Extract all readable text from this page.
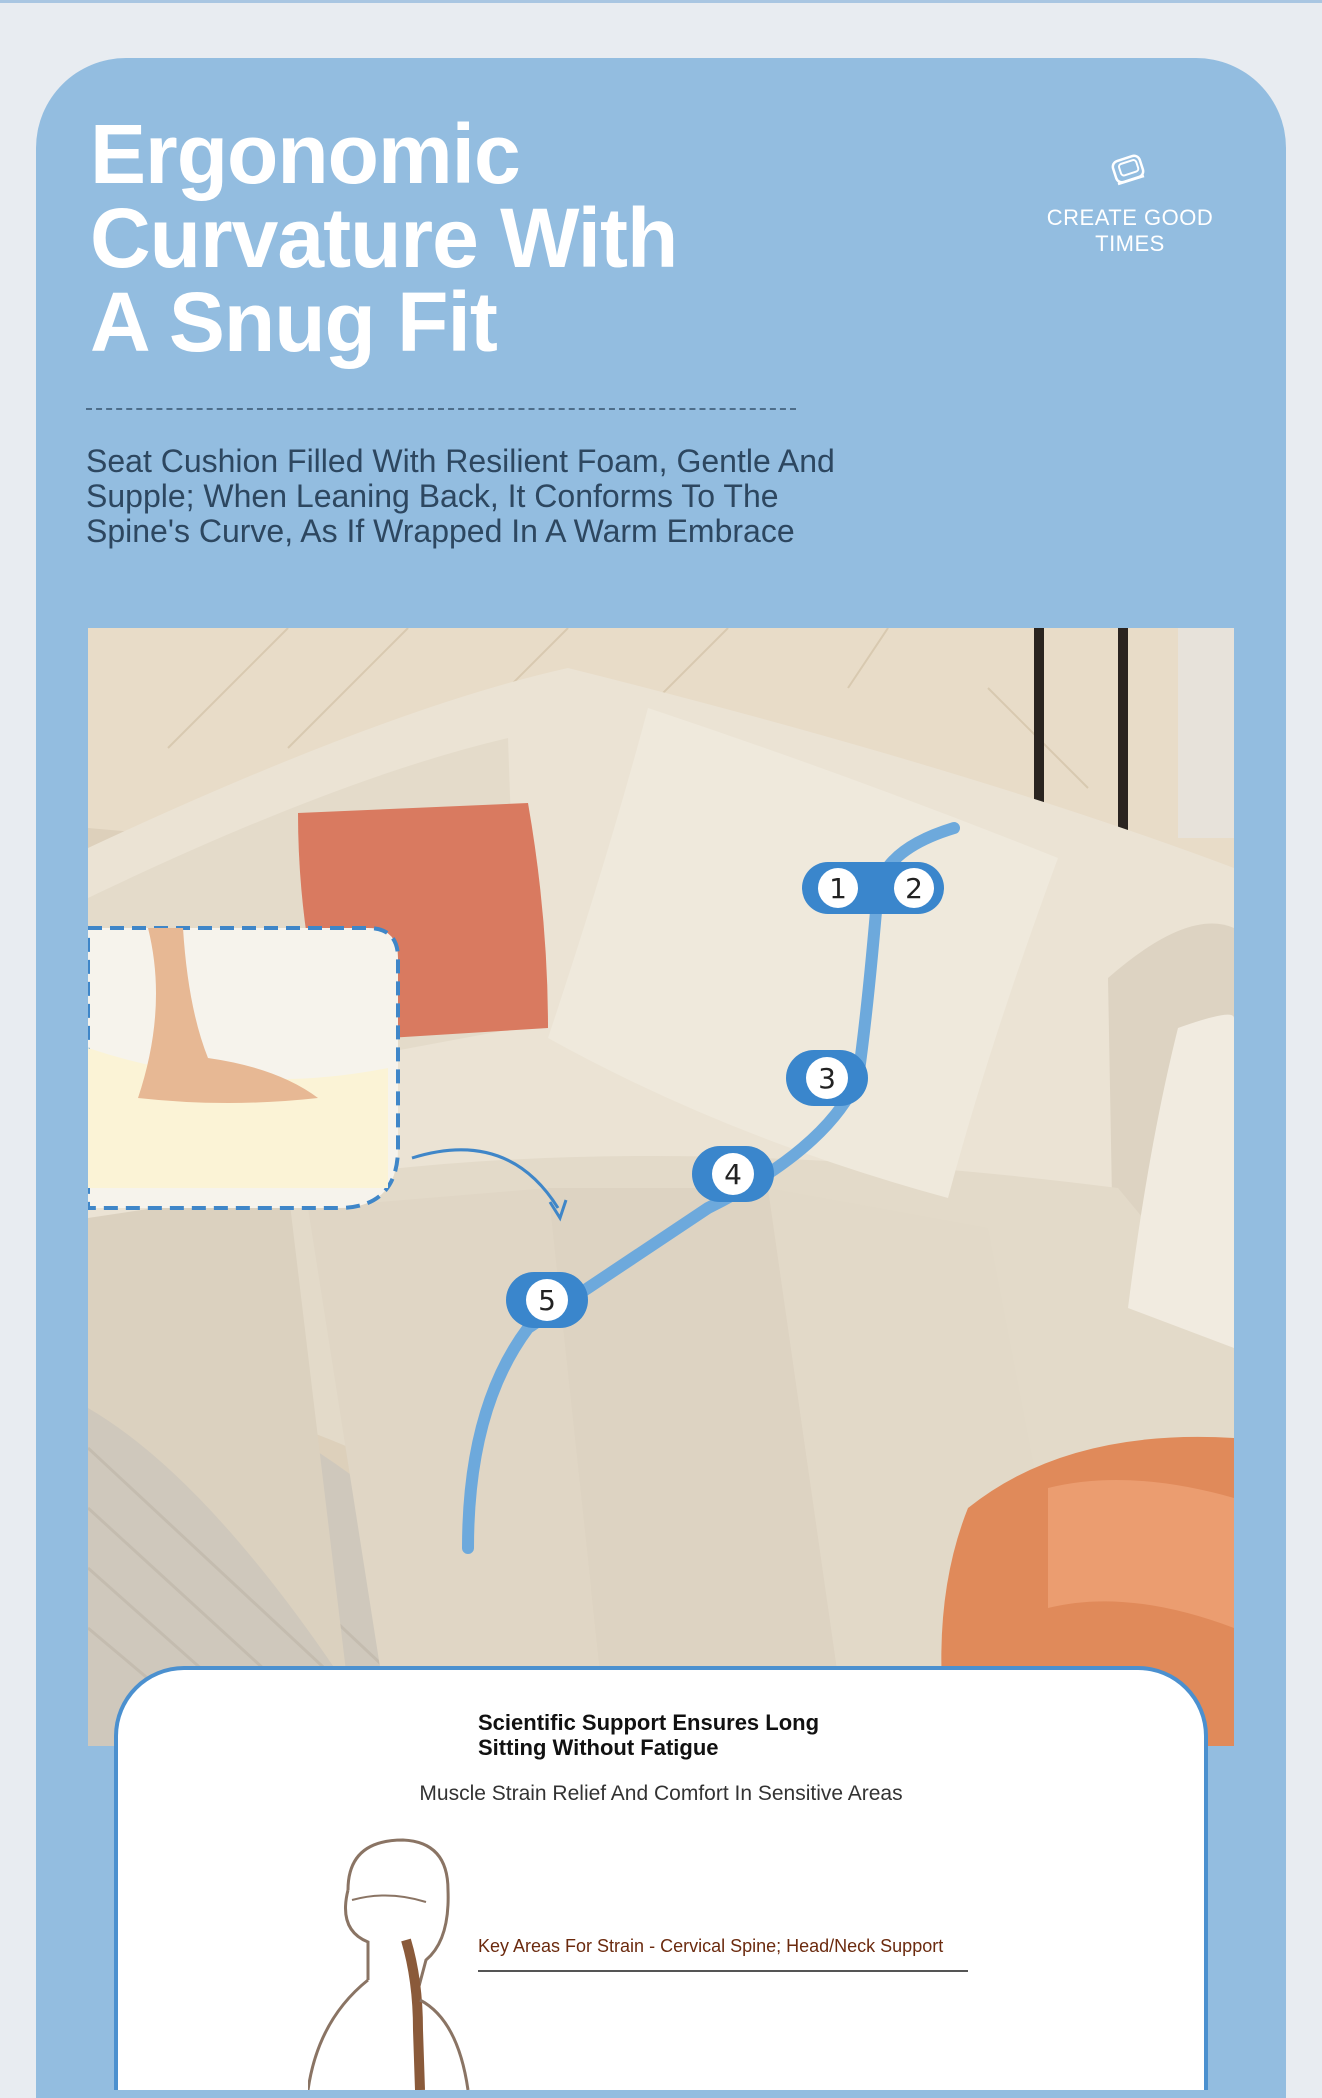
Ergonomic
Curvature With
A Snug Fit
CREATE GOOD TIMES
Seat Cushion Filled With Resilient Foam, Gentle And
Supple; When Leaning Back, It Conforms To The
Spine's Curve, As If Wrapped In A Warm Embrace
1 2
3
4
5
Scientific Support Ensures Long
Sitting Without Fatigue
Muscle Strain Relief And Comfort In Sensitive Areas
Key Areas For Strain - Cervical Spine; Head/Neck Support
